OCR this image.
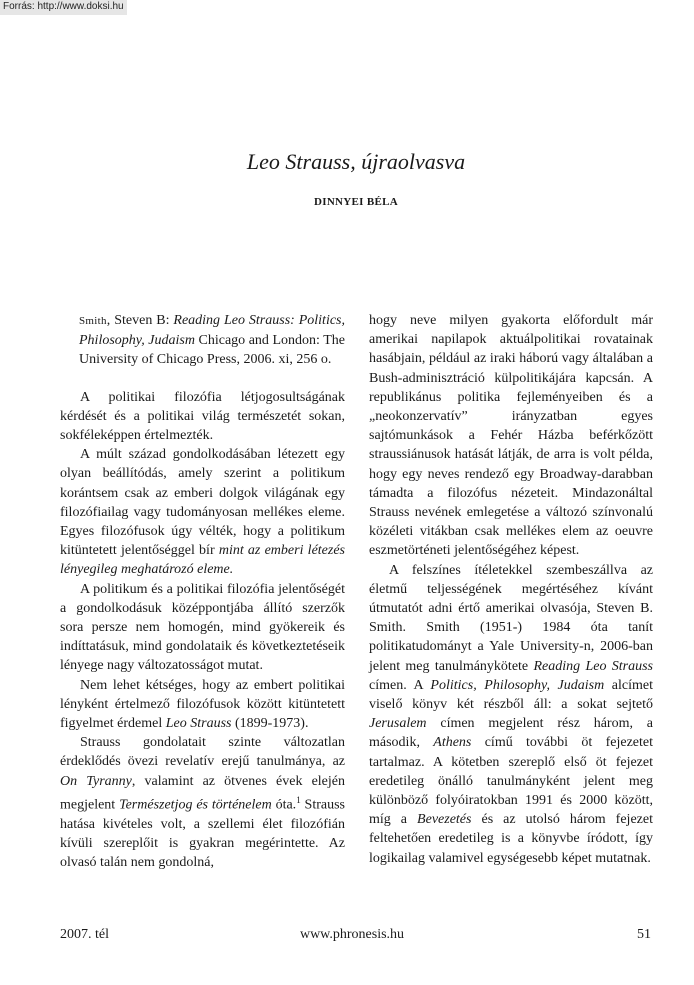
Forrás: http://www.doksi.hu
Leo Strauss, újraolvasva
DINNYEI BÉLA
Smith, Steven B: Reading Leo Strauss: Politics, Philosophy, Judaism Chicago and London: The University of Chicago Press, 2006. xi, 256 o.

A politikai filozófia létjogosultságának kérdését és a politikai világ természetét sokan, sokféleképpen értelmezték.

A múlt század gondolkodásában létezett egy olyan beállítódás, amely szerint a politikum korántsem csak az emberi dolgok világának egy filozófiailag vagy tudományosan mellékes eleme. Egyes filozófusok úgy vélték, hogy a politikum kitüntetett jelentőséggel bír mint az emberi létezés lényegileg meghatározó eleme.

A politikum és a politikai filozófia jelentőségét a gondolkodásuk középpontjába állító szerzők sora persze nem homogén, mind gyökereik és indíttatásuk, mind gondolataik és következtetéseik lényege nagy változatosságot mutat.

Nem lehet kétséges, hogy az embert politikai lényként értelmező filozófusok között kitüntetett figyelmet érdemel Leo Strauss (1899-1973).

Strauss gondolatait szinte változatlan érdeklődés övezi revelatív erejű tanulmánya, az On Tyranny, valamint az ötvenes évek elején megjelent Természetjog és történelem óta.$^1$ Strauss hatása kivételes volt, a szellemi élet filozófián kívüli szereplőit is gyakran megérintette. Az olvasó talán nem gondolná,

hogy neve milyen gyakorta előfordult már amerikai napilapok aktuálpolitikai rovatainak hasábjain, például az iraki háború vagy általában a Bush-adminisztráció külpolitikájára kapcsán. A republikánus politika fejleményeiben és a „neokonzervatív” irányzatban egyes sajtómunkások a Fehér Házba beférkőzött straussiánusok hatását látják, de arra is volt példa, hogy egy neves rendező egy Broadway-darabban támadta a filozófus nézeteit. Mindazonáltal Strauss nevének emlegetése a változó színvonalú közéleti vitákban csak mellékes elem az oeuvre eszmetörténeti jelentőségéhez képest.

A felszínes ítéletekkel szembeszállva az életmű teljességének megértéséhez kívánt útmutatót adni értő amerikai olvasója, Steven B. Smith. Smith (1951-) 1984 óta tanít politikatudományt a Yale University-n, 2006-ban jelent meg tanulmánykötete Reading Leo Strauss címen. A Politics, Philosophy, Judaism alcímet viselő könyv két részből áll: a sokat sejtető Jerusalem címen megjelent rész három, a második, Athens című további öt fejezetet tartalmaz. A kötetben szereplő első öt fejezet eredetileg önálló tanulmányként jelent meg különböző folyóiratokban 1991 és 2000 között, míg a Bevezetés és az utolsó három fejezet feltehetően eredetileg is a könyvbe íródott, így logikailag valamivel egységesebb képet mutatnak.

2007. tél	www.phronesis.hu	51
